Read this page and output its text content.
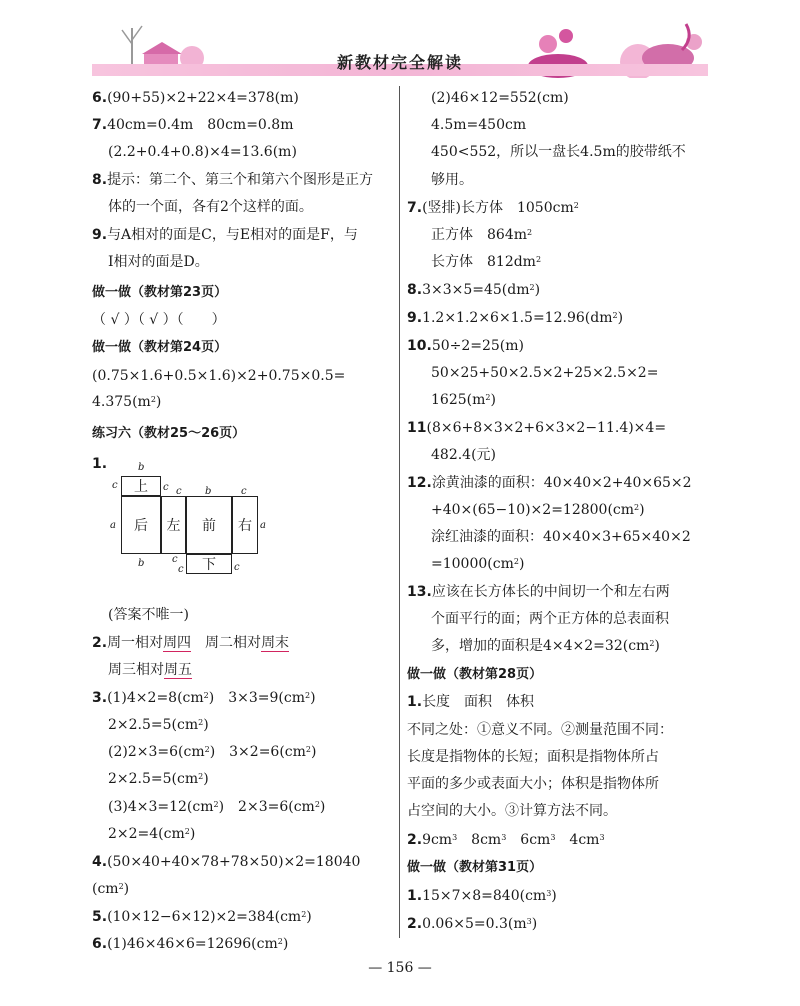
新教材完全解读
6.(90+55)×2+22×4=378(m)
7.40cm=0.4m　80cm=0.8m
(2.2+0.4+0.8)×4=13.6(m)
8.提示：第二个、第三个和第六个图形是正方
体的一个面，各有2个这样的面。
9.与A相对的面是C，与E相对的面是F，与
I相对的面是D。
做一做（教材第23页）
（ √ ）（ √ ）（　　）
做一做（教材第24页）
(0.75×1.6+0.5×1.6)×2+0.75×0.5=
$4.375(m^2)$
练习六（教材25～26页）
1.
上
后	左	前	右
下
b
c	c c b	c
a	a
b	c
c	c
(答案不唯一)
2.周一相对周四　周二相对周末
周三相对周五
$3.(1)4\times 2=8(cm^2)$　$3\times 3=9(cm^2)$
$2\times 2.5=5(cm^2)$
$(2)2\times 3=6(cm^2)$　$3\times 2=6(cm^2)$
$2\times 2.5=5(cm^2)$
$(3)4\times 3=12(cm^2)$　$2\times 3=6(cm^2)$
$2\times 2=4(cm^2)$
4.(50×40+40×78+78×50)×2=18040
$(cm^2)$
$5.(10\times 12-6\times 12)\times 2=384(cm^2)$
$6.(1)46\times 46\times 6=12696(cm^2)$
(2)46×12=552(cm)
4.5m=450cm
450<552，所以一盘长4.5m的胶带纸不
够用。
7.(竖排)长方体　$1050cm^2$
正方体　$864m^2$
长方体　$812dm^2$
$8.3\times 3\times 5=45(dm^2)$
$9.1.2\times 1.2\times 6\times 1.5=12.96(dm^2)$
10.50÷2=25(m)
50×25+50×2.5×2+25×2.5×2=
$1625(m^2)$
11(8×6+8×3×2+6×3×2−11.4)×4=
482.4(元)
12.涂黄油漆的面积：40×40×2+40×65×2
$+40\times(65-10)\times 2=12800(cm^2)$
涂红油漆的面积：40×40×3+65×40×2
$=10000(cm^2)$
13.应该在长方体长的中间切一个和左右两
个面平行的面；两个正方体的总表面积
多，增加的面积是$4\times 4\times 2=32(cm^2)$
做一做（教材第28页）
1.长度　面积　体积
不同之处：①意义不同。②测量范围不同：
长度是指物体的长短；面积是指物体所占
平面的多少或表面大小；体积是指物体所
占空间的大小。③计算方法不同。
$2.9cm^3$　$8cm^3$　$6cm^3$　$4cm^3$
做一做（教材第31页）
$1.15\times 7\times 8=840(cm^3)$
$2.0.06\times 5=0.3(m^3)$
— 156 —
